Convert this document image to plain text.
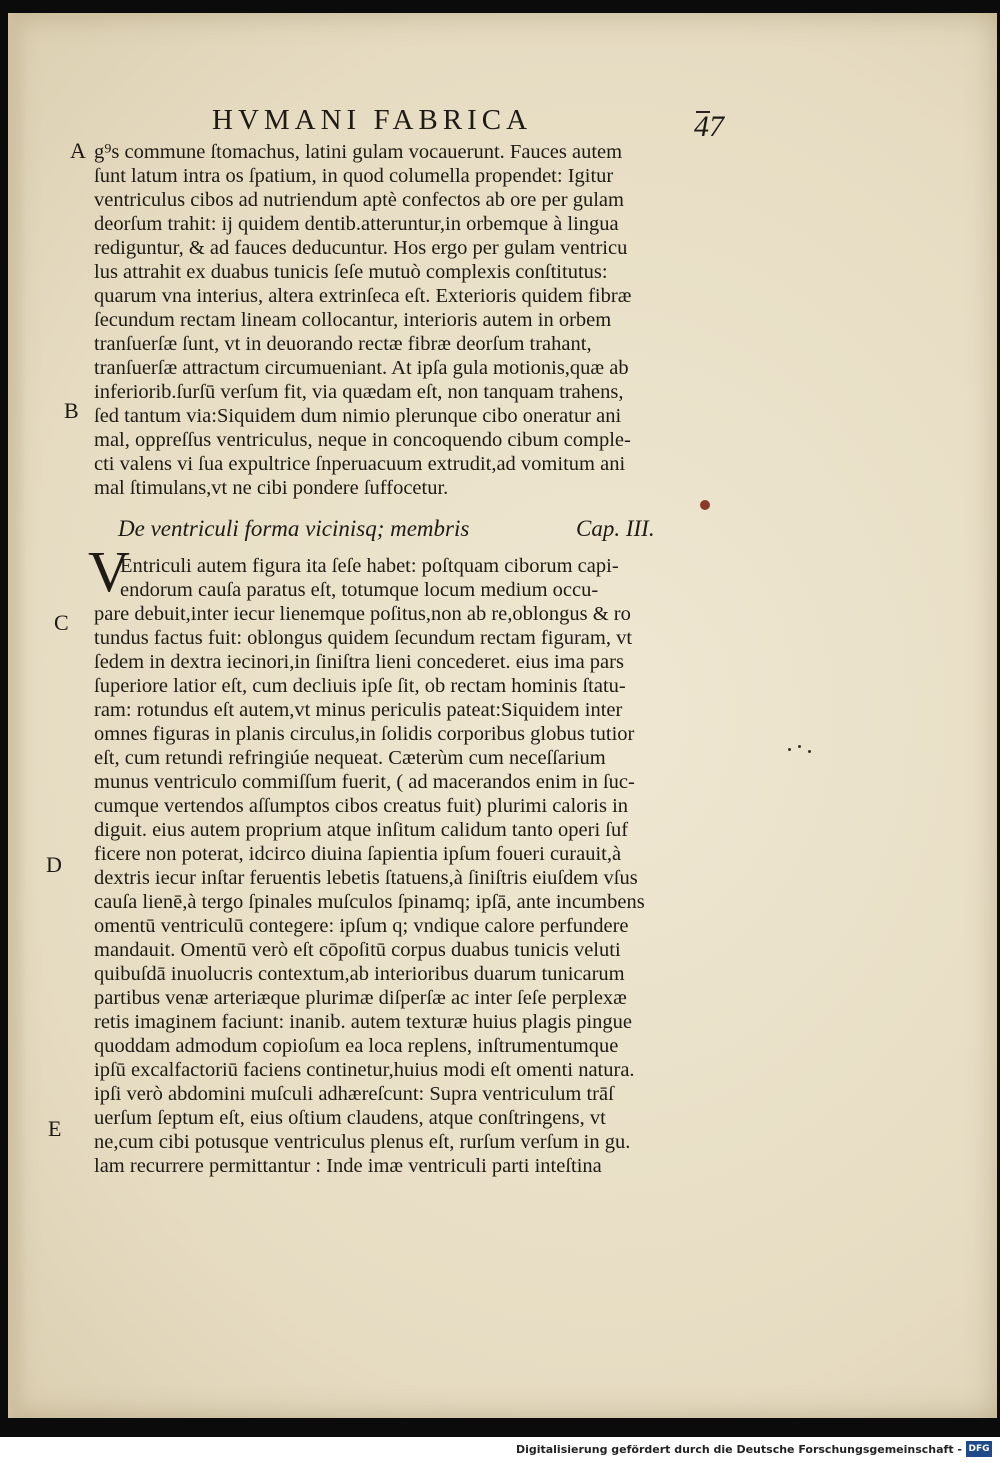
HVMANI FABRICA	47
g⁹s commune ſtomachus, latini gulam vocauerunt. Fauces autem
ſunt latum intra os ſpatium, in quod columella propendet: Igitur
ventriculus cibos ad nutriendum aptè confectos ab ore per gulam
deorſum trahit: ij quidem dentib.atteruntur,in orbemque à lingua
rediguntur, & ad fauces deducuntur. Hos ergo per gulam ventricu
lus attrahit ex duabus tunicis ſeſe mutuò complexis conſtitutus:
quarum vna interius, altera extrinſeca eſt. Exterioris quidem fibræ
ſecundum rectam lineam collocantur, interioris autem in orbem
tranſuerſæ ſunt, vt in deuorando rectæ fibræ deorſum trahant,
tranſuerſæ attractum circumueniant. At ipſa gula motionis,quæ ab
inferiorib.ſurſū verſum fit, via quædam eſt, non tanquam trahens,
ſed tantum via:Siquidem dum nimio plerunque cibo oneratur ani
mal, oppreſſus ventriculus, neque in concoquendo cibum comple-
cti valens vi ſua expultrice ſnperuacuum extrudit,ad vomitum ani
mal ſtimulans,vt ne cibi pondere ſuffocetur.
De ventriculi forma vicinisq; membris	Cap. III.
V
Entriculi autem figura ita ſeſe habet: poſtquam ciborum capi-
endorum cauſa paratus eſt, totumque locum medium occu-
pare debuit,inter iecur lienemque poſitus,non ab re,oblongus & ro
tundus factus fuit: oblongus quidem ſecundum rectam figuram, vt
ſedem in dextra iecinori,in ſiniſtra lieni concederet. eius ima pars
ſuperiore latior eſt, cum decliuis ipſe ſit, ob rectam hominis ſtatu-
ram: rotundus eſt autem,vt minus periculis pateat:Siquidem inter
omnes figuras in planis circulus,in ſolidis corporibus globus tutior
eſt, cum retundi refringiúe nequeat. Cæterùm cum neceſſarium
munus ventriculo commiſſum fuerit, ( ad macerandos enim in ſuc-
cumque vertendos aſſumptos cibos creatus fuit) plurimi caloris in
diguit. eius autem proprium atque inſitum calidum tanto operi ſuf
ficere non poterat, idcirco diuina ſapientia ipſum foueri curauit,à
dextris iecur inſtar feruentis lebetis ſtatuens,à ſiniſtris eiuſdem vſus
cauſa lienē,à tergo ſpinales muſculos ſpinamq; ipſā, ante incumbens
omentū ventriculū contegere: ipſum q; vndique calore perfundere
mandauit. Omentū verò eſt cōpoſitū corpus duabus tunicis veluti
quibuſdā inuolucris contextum,ab interioribus duarum tunicarum
partibus venæ arteriæque plurimæ diſperſæ ac inter ſeſe perplexæ
retis imaginem faciunt: inanib. autem texturæ huius plagis pingue
quoddam admodum copioſum ea loca replens, inſtrumentumque
ipſū excalfactoriū faciens continetur,huius modi eſt omenti natura.
ipſi verò abdomini muſculi adhæreſcunt: Supra ventriculum trāſ
uerſum ſeptum eſt, eius oſtium claudens, atque conſtringens, vt
ne,cum cibi potusque ventriculus plenus eſt, rurſum verſum in gu.
lam recurrere permittantur : Inde imæ ventriculi parti inteſtina
A
B
C
D
E
Digitalisierung gefördert durch die Deutsche Forschungsgemeinschaft - DFG
